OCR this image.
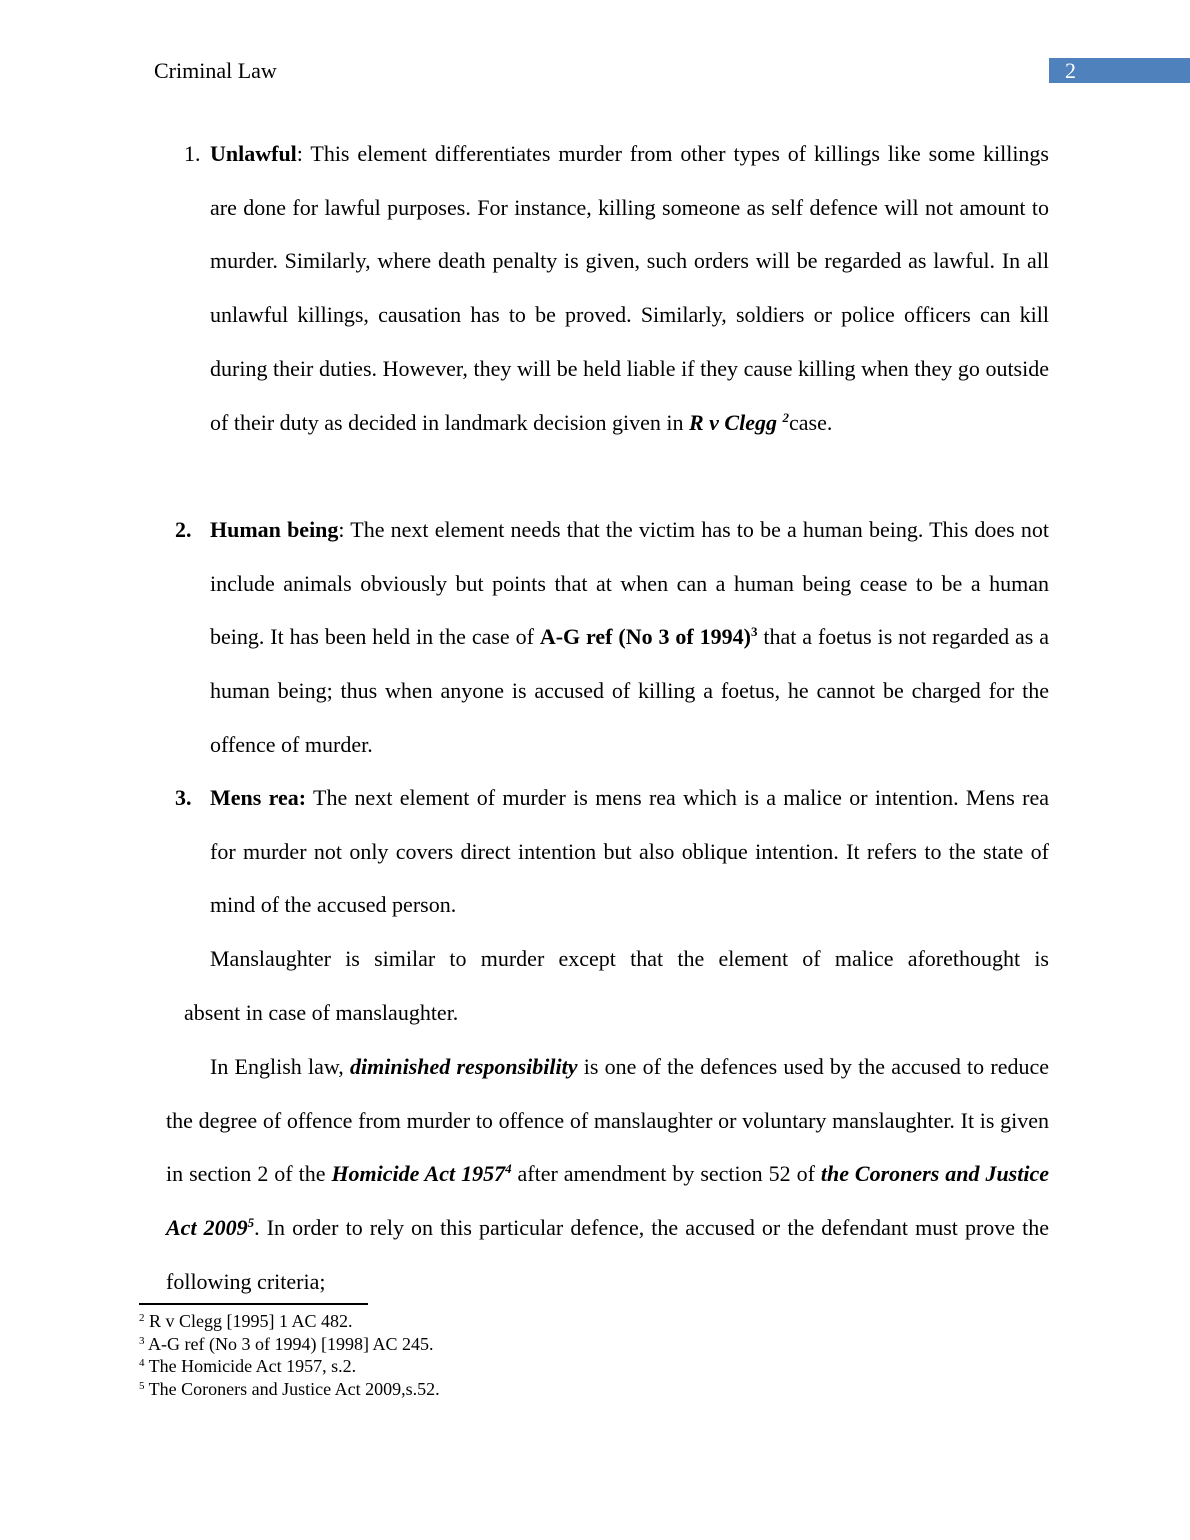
Criminal Law	2
1. Unlawful: This element differentiates murder from other types of killings like some killings are done for lawful purposes. For instance, killing someone as self defence will not amount to murder. Similarly, where death penalty is given, such orders will be regarded as lawful. In all unlawful killings, causation has to be proved. Similarly, soldiers or police officers can kill during their duties. However, they will be held liable if they cause killing when they go outside of their duty as decided in landmark decision given in R v Clegg $^2$case.

2. Human being: The next element needs that the victim has to be a human being. This does not include animals obviously but points that at when can a human being cease to be a human being. It has been held in the case of A-G ref (No 3 of 1994)$^3$ that a foetus is not regarded as a human being; thus when anyone is accused of killing a foetus, he cannot be charged for the offence of murder.

3. Mens rea: The next element of murder is mens rea which is a malice or intention. Mens rea for murder not only covers direct intention but also oblique intention. It refers to the state of mind of the accused person.

Manslaughter is similar to murder except that the element of malice aforethought is

absent in case of manslaughter.

In English law, diminished responsibility is one of the defences used by the accused to reduce the degree of offence from murder to offence of manslaughter or voluntary manslaughter. It is given in section 2 of the Homicide Act 1957$^4$ after amendment by section 52 of the Coroners and Justice Act 2009$^5$. In order to rely on this particular defence, the accused or the defendant must prove the following criteria;

$^2$ R v Clegg [1995] 1 AC 482.
$^3$ A-G ref (No 3 of 1994) [1998] AC 245.
$^4$ The Homicide Act 1957, s.2.
$^5$ The Coroners and Justice Act 2009,s.52.
